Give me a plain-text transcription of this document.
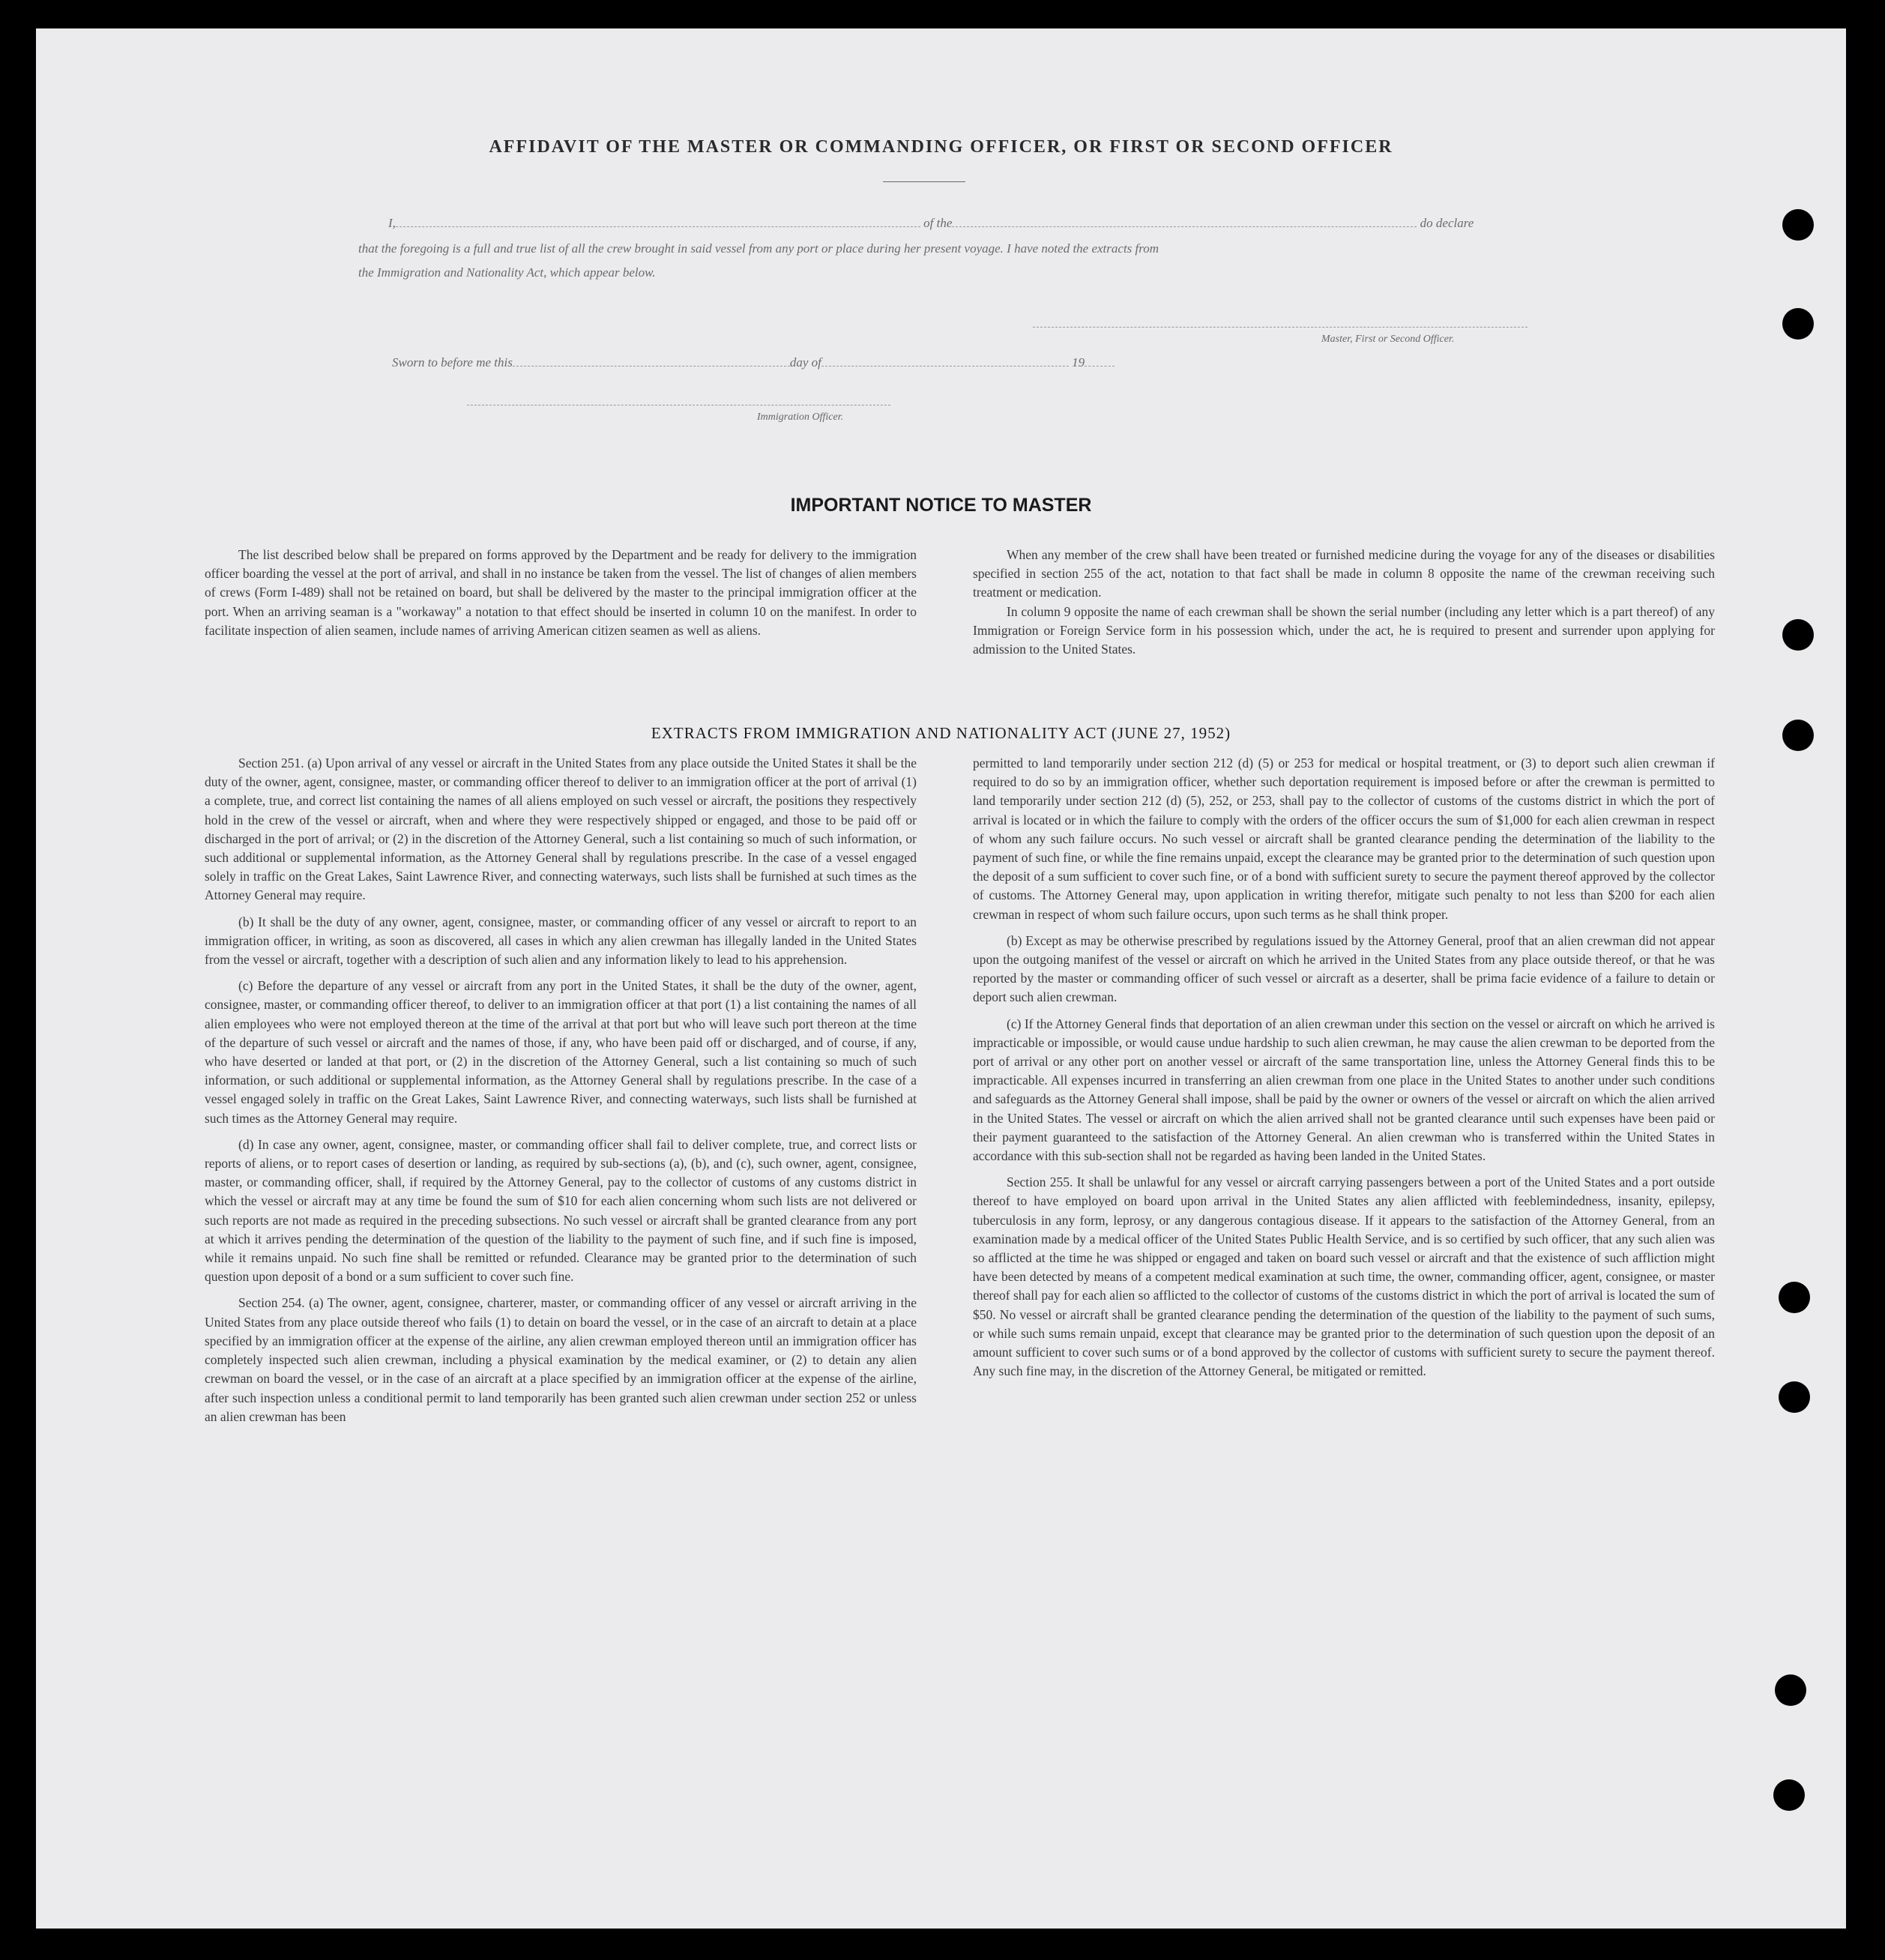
AFFIDAVIT OF THE MASTER OR COMMANDING OFFICER, OR FIRST OR SECOND OFFICER
I,	of the	do declare
that the foregoing is a full and true list of all the crew brought in said vessel from any port or place during her present voyage. I have noted the extracts from
the Immigration and Nationality Act, which appear below.
Master, First or Second Officer.
Sworn to before me this	day of	19
Immigration Officer.
IMPORTANT NOTICE TO MASTER

The list described below shall be prepared on forms approved by the Department and be ready for delivery to the immigration officer boarding the vessel at the port of arrival, and shall in no instance be taken from the vessel. The list of changes of alien members of crews (Form I-489) shall not be retained on board, but shall be delivered by the master to the principal immigration officer at the port. When an arriving seaman is a "workaway" a notation to that effect should be inserted in column 10 on the manifest. In order to facilitate inspection of alien seamen, include names of arriving American citizen seamen as well as aliens.

When any member of the crew shall have been treated or furnished medicine during the voyage for any of the diseases or disabilities specified in section 255 of the act, notation to that fact shall be made in column 8 opposite the name of the crewman receiving such treatment or medication.

In column 9 opposite the name of each crewman shall be shown the serial number (including any letter which is a part thereof) of any Immigration or Foreign Service form in his possession which, under the act, he is required to present and surrender upon applying for admission to the United States.

EXTRACTS FROM IMMIGRATION AND NATIONALITY ACT (JUNE 27, 1952)

Section 251. (a) Upon arrival of any vessel or aircraft in the United States from any place outside the United States it shall be the duty of the owner, agent, consignee, master, or commanding officer thereof to deliver to an immigration officer at the port of arrival (1) a complete, true, and correct list containing the names of all aliens employed on such vessel or aircraft, the positions they respectively hold in the crew of the vessel or aircraft, when and where they were respectively shipped or engaged, and those to be paid off or discharged in the port of arrival; or (2) in the discretion of the Attorney General, such a list containing so much of such information, or such additional or supplemental information, as the Attorney General shall by regulations prescribe. In the case of a vessel engaged solely in traffic on the Great Lakes, Saint Lawrence River, and connecting waterways, such lists shall be furnished at such times as the Attorney General may require.

(b) It shall be the duty of any owner, agent, consignee, master, or commanding officer of any vessel or aircraft to report to an immigration officer, in writing, as soon as discovered, all cases in which any alien crewman has illegally landed in the United States from the vessel or aircraft, together with a description of such alien and any information likely to lead to his apprehension.

(c) Before the departure of any vessel or aircraft from any port in the United States, it shall be the duty of the owner, agent, consignee, master, or commanding officer thereof, to deliver to an immigration officer at that port (1) a list containing the names of all alien employees who were not employed thereon at the time of the arrival at that port but who will leave such port thereon at the time of the departure of such vessel or aircraft and the names of those, if any, who have been paid off or discharged, and of course, if any, who have deserted or landed at that port, or (2) in the discretion of the Attorney General, such a list containing so much of such information, or such additional or supplemental information, as the Attorney General shall by regulations prescribe. In the case of a vessel engaged solely in traffic on the Great Lakes, Saint Lawrence River, and connecting waterways, such lists shall be furnished at such times as the Attorney General may require.

(d) In case any owner, agent, consignee, master, or commanding officer shall fail to deliver complete, true, and correct lists or reports of aliens, or to report cases of desertion or landing, as required by sub-sections (a), (b), and (c), such owner, agent, consignee, master, or commanding officer, shall, if required by the Attorney General, pay to the collector of customs of any customs district in which the vessel or aircraft may at any time be found the sum of $10 for each alien concerning whom such lists are not delivered or such reports are not made as required in the preceding subsections. No such vessel or aircraft shall be granted clearance from any port at which it arrives pending the determination of the question of the liability to the payment of such fine, and if such fine is imposed, while it remains unpaid. No such fine shall be remitted or refunded. Clearance may be granted prior to the determination of such question upon deposit of a bond or a sum sufficient to cover such fine.

Section 254. (a) The owner, agent, consignee, charterer, master, or commanding officer of any vessel or aircraft arriving in the United States from any place outside thereof who fails (1) to detain on board the vessel, or in the case of an aircraft to detain at a place specified by an immigration officer at the expense of the airline, any alien crewman employed thereon until an immigration officer has completely inspected such alien crewman, including a physical examination by the medical examiner, or (2) to detain any alien crewman on board the vessel, or in the case of an aircraft at a place specified by an immigration officer at the expense of the airline, after such inspection unless a conditional permit to land temporarily has been granted such alien crewman under section 252 or unless an alien crewman has been

permitted to land temporarily under section 212 (d) (5) or 253 for medical or hospital treatment, or (3) to deport such alien crewman if required to do so by an immigration officer, whether such deportation requirement is imposed before or after the crewman is permitted to land temporarily under section 212 (d) (5), 252, or 253, shall pay to the collector of customs of the customs district in which the port of arrival is located or in which the failure to comply with the orders of the officer occurs the sum of $1,000 for each alien crewman in respect of whom any such failure occurs. No such vessel or aircraft shall be granted clearance pending the determination of the liability to the payment of such fine, or while the fine remains unpaid, except the clearance may be granted prior to the determination of such question upon the deposit of a sum sufficient to cover such fine, or of a bond with sufficient surety to secure the payment thereof approved by the collector of customs. The Attorney General may, upon application in writing therefor, mitigate such penalty to not less than $200 for each alien crewman in respect of whom such failure occurs, upon such terms as he shall think proper.

(b) Except as may be otherwise prescribed by regulations issued by the Attorney General, proof that an alien crewman did not appear upon the outgoing manifest of the vessel or aircraft on which he arrived in the United States from any place outside thereof, or that he was reported by the master or commanding officer of such vessel or aircraft as a deserter, shall be prima facie evidence of a failure to detain or deport such alien crewman.

(c) If the Attorney General finds that deportation of an alien crewman under this section on the vessel or aircraft on which he arrived is impracticable or impossible, or would cause undue hardship to such alien crewman, he may cause the alien crewman to be deported from the port of arrival or any other port on another vessel or aircraft of the same transportation line, unless the Attorney General finds this to be impracticable. All expenses incurred in transferring an alien crewman from one place in the United States to another under such conditions and safeguards as the Attorney General shall impose, shall be paid by the owner or owners of the vessel or aircraft on which the alien arrived in the United States. The vessel or aircraft on which the alien arrived shall not be granted clearance until such expenses have been paid or their payment guaranteed to the satisfaction of the Attorney General. An alien crewman who is transferred within the United States in accordance with this sub-section shall not be regarded as having been landed in the United States.

Section 255. It shall be unlawful for any vessel or aircraft carrying passengers between a port of the United States and a port outside thereof to have employed on board upon arrival in the United States any alien afflicted with feeblemindedness, insanity, epilepsy, tuberculosis in any form, leprosy, or any dangerous contagious disease. If it appears to the satisfaction of the Attorney General, from an examination made by a medical officer of the United States Public Health Service, and is so certified by such officer, that any such alien was so afflicted at the time he was shipped or engaged and taken on board such vessel or aircraft and that the existence of such affliction might have been detected by means of a competent medical examination at such time, the owner, commanding officer, agent, consignee, or master thereof shall pay for each alien so afflicted to the collector of customs of the customs district in which the port of arrival is located the sum of $50. No vessel or aircraft shall be granted clearance pending the determination of the question of the liability to the payment of such sums, or while such sums remain unpaid, except that clearance may be granted prior to the determination of such question upon the deposit of an amount sufficient to cover such sums or of a bond approved by the collector of customs with sufficient surety to secure the payment thereof. Any such fine may, in the discretion of the Attorney General, be mitigated or remitted.
